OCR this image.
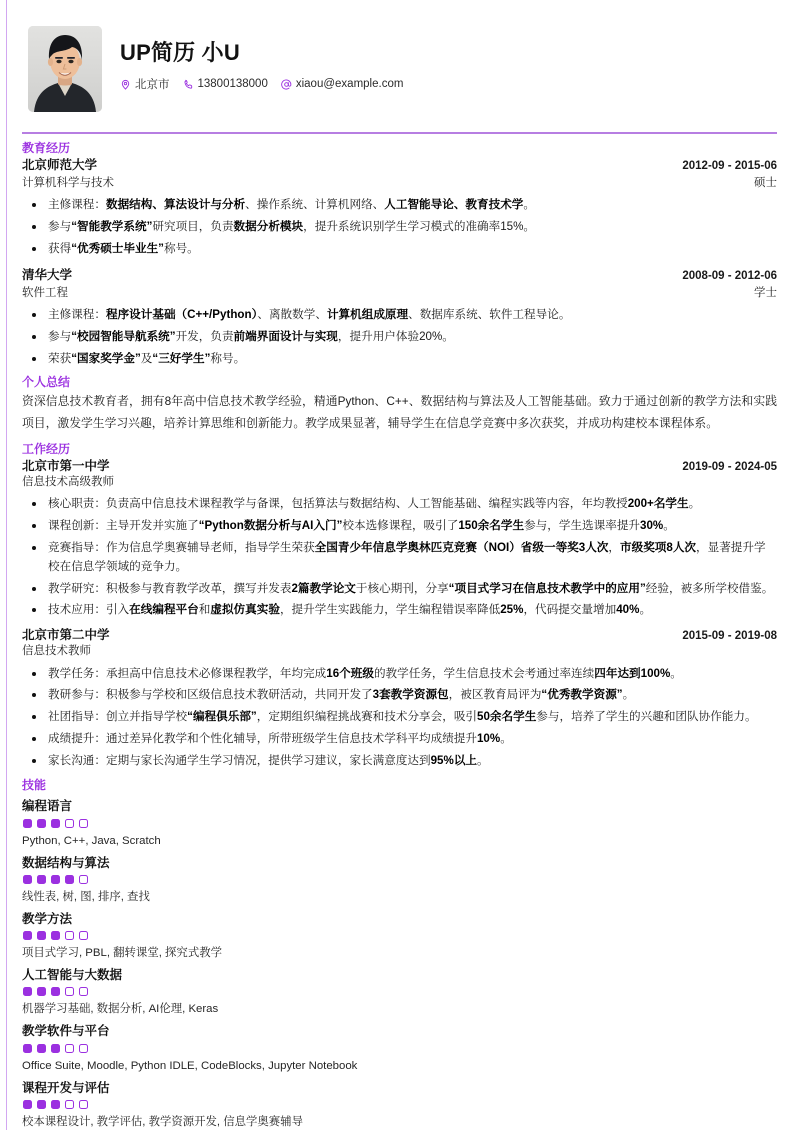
UP简历 小U
北京市 13800138000 xiaou@example.com
教育经历
北京师范大学	2012-09 - 2015-06
计算机科学与技术	硕士
主修课程：数据结构、算法设计与分析、操作系统、计算机网络、人工智能导论、教育技术学。
参与“智能教学系统”研究项目，负责数据分析模块，提升系统识别学生学习模式的准确率15%。
获得“优秀硕士毕业生”称号。
清华大学	2008-09 - 2012-06
软件工程	学士
主修课程：程序设计基础（C++/Python）、离散数学、计算机组成原理、数据库系统、软件工程导论。
参与“校园智能导航系统”开发，负责前端界面设计与实现，提升用户体验20%。
荣获“国家奖学金”及“三好学生”称号。
个人总结
资深信息技术教育者，拥有8年高中信息技术教学经验，精通Python、C++、数据结构与算法及人工智能基础。致力于通过创新的教学方法和实践项目，激发学生学习兴趣，培养计算思维和创新能力。教学成果显著，辅导学生在信息学竞赛中多次获奖，并成功构建校本课程体系。
工作经历
北京市第一中学	2019-09 - 2024-05
信息技术高级教师
核心职责：负责高中信息技术课程教学与备课，包括算法与数据结构、人工智能基础、编程实践等内容，年均教授200+名学生。
课程创新：主导开发并实施了“Python数据分析与AI入门”校本选修课程，吸引了150余名学生参与，学生选课率提升30%。
竞赛指导：作为信息学奥赛辅导老师，指导学生荣获全国青少年信息学奥林匹克竞赛（NOI）省级一等奖3人次，市级奖项8人次，显著提升学校在信息学领域的竞争力。
教学研究：积极参与教育教学改革，撰写并发表2篇教学论文于核心期刊，分享“项目式学习在信息技术教学中的应用”经验，被多所学校借鉴。
技术应用：引入在线编程平台和虚拟仿真实验，提升学生实践能力，学生编程错误率降低25%，代码提交量增加40%。
北京市第二中学	2015-09 - 2019-08
信息技术教师
教学任务：承担高中信息技术必修课程教学，年均完成16个班级的教学任务，学生信息技术会考通过率连续四年达到100%。
教研参与：积极参与学校和区级信息技术教研活动，共同开发了3套教学资源包，被区教育局评为“优秀教学资源”。
社团指导：创立并指导学校“编程俱乐部”，定期组织编程挑战赛和技术分享会，吸引50余名学生参与，培养了学生的兴趣和团队协作能力。
成绩提升：通过差异化教学和个性化辅导，所带班级学生信息技术学科平均成绩提升10%。
家长沟通：定期与家长沟通学生学习情况，提供学习建议，家长满意度达到95%以上。
技能
编程语言
Python, C++, Java, Scratch
数据结构与算法
线性表, 树, 图, 排序, 查找
教学方法
项目式学习, PBL, 翻转课堂, 探究式教学
人工智能与大数据
机器学习基础, 数据分析, AI伦理, Keras
教学软件与平台
Office Suite, Moodle, Python IDLE, CodeBlocks, Jupyter Notebook
课程开发与评估
校本课程设计, 教学评估, 教学资源开发, 信息学奥赛辅导
